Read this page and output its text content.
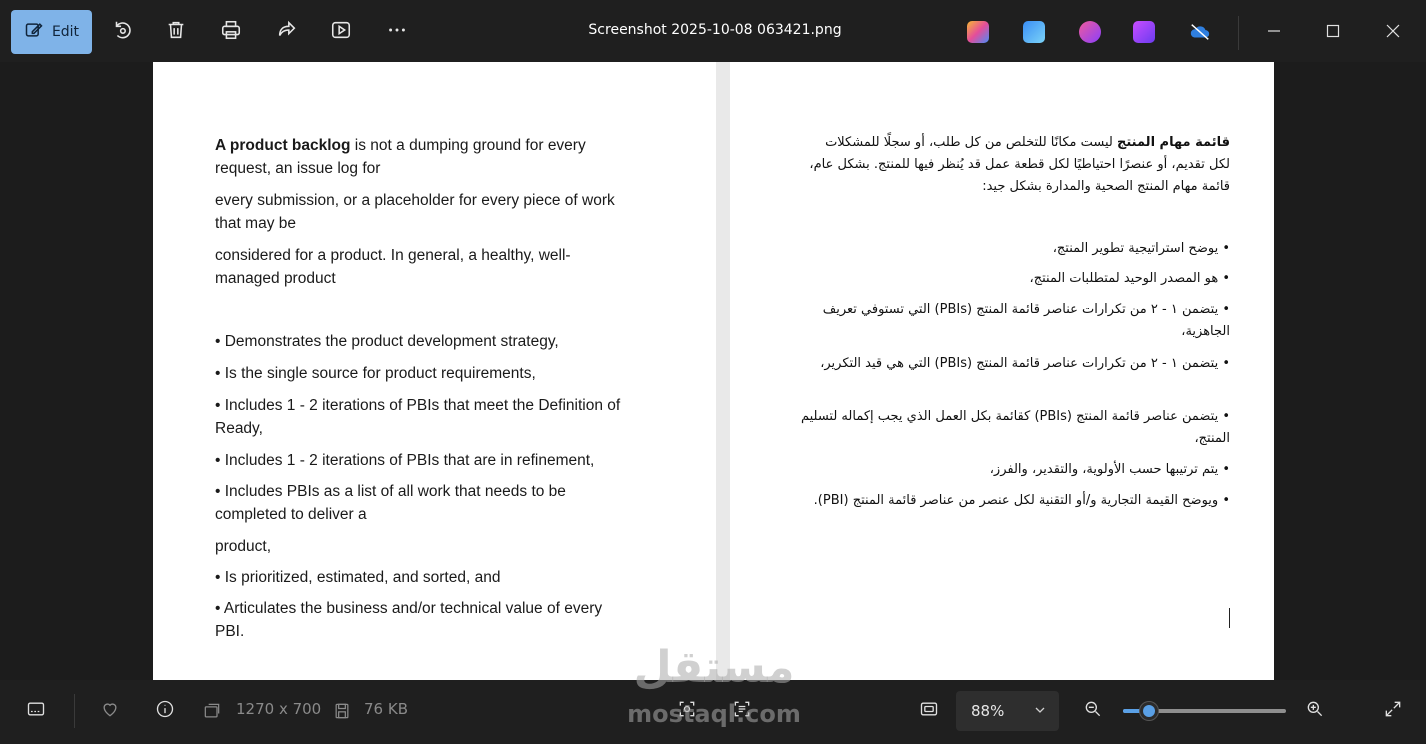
Edit	Screenshot 2025-10-08 063421.png
A product backlog is not a dumping ground for every request, an issue log for
every submission, or a placeholder for every piece of work that may be
considered for a product. In general, a healthy, well-managed product
• Demonstrates the product development strategy,
• Is the single source for product requirements,
• Includes 1 - 2 iterations of PBIs that meet the Definition of Ready,
• Includes 1 - 2 iterations of PBIs that are in refinement,
• Includes PBIs as a list of all work that needs to be completed to deliver a
product,
• Is prioritized, estimated, and sorted, and
• Articulates the business and/or technical value of every PBI.
قائمة مهام المنتج ليست مكانًا للتخلص من كل طلب، أو سجلًا للمشكلات لكل تقديم، أو عنصرًا احتياطيًا لكل قطعة عمل قد يُنظر فيها للمنتج. بشكل عام، قائمة مهام المنتج الصحية والمدارة بشكل جيد:
• يوضح استراتيجية تطوير المنتج،
• هو المصدر الوحيد لمتطلبات المنتج،
• يتضمن ١ - ٢ من تكرارات عناصر قائمة المنتج (PBIs) التي تستوفي تعريف الجاهزية،
• يتضمن ١ - ٢ من تكرارات عناصر قائمة المنتج (PBIs) التي هي قيد التكرير،
• يتضمن عناصر قائمة المنتج (PBIs) كقائمة بكل العمل الذي يجب إكماله لتسليم المنتج،
• يتم ترتيبها حسب الأولوية، والتقدير، والفرز،
• ويوضح القيمة التجارية و/أو التقنية لكل عنصر من عناصر قائمة المنتج (PBI).
1270 x 700	76 KB	88%
مستقل
mostaql.com
